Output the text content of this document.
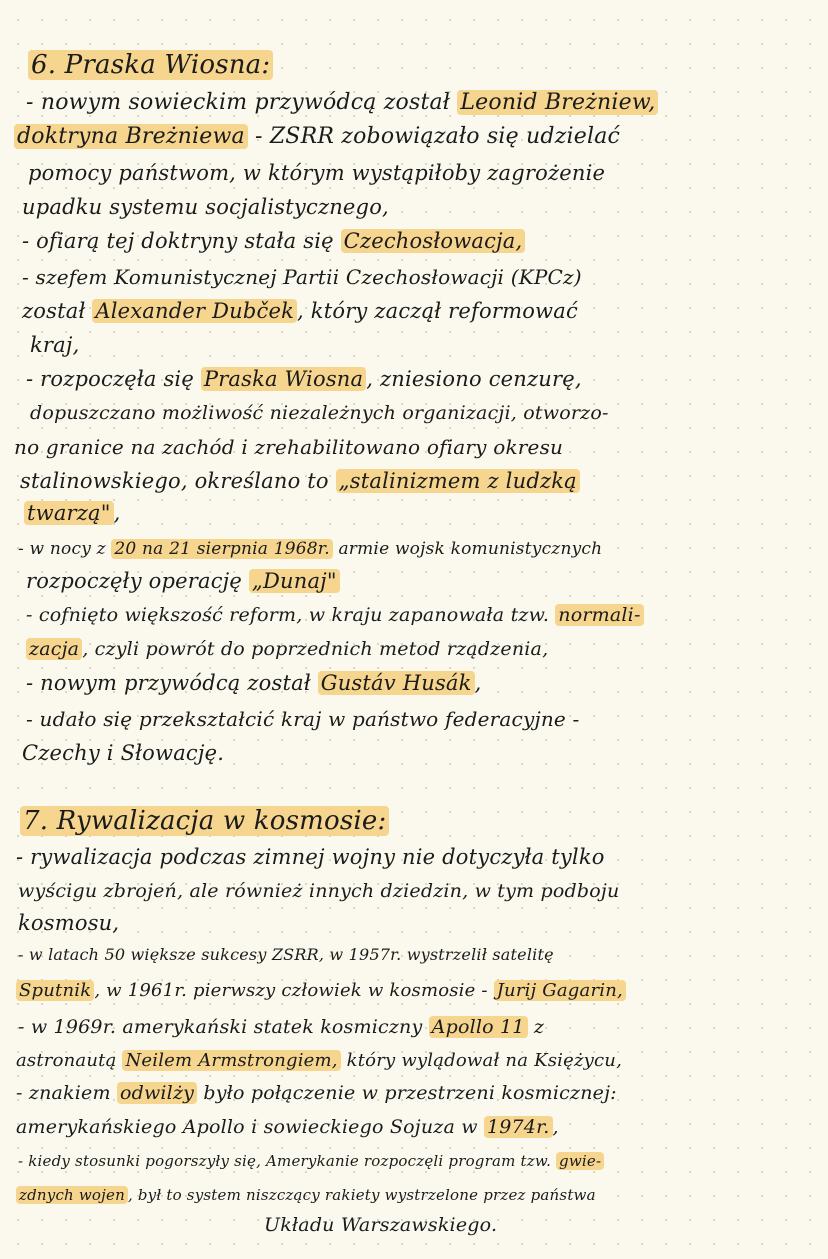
6. Praska Wiosna:
- nowym sowieckim przywódcą został Leonid Breżniew,
doktryna Breżniewa - ZSRR zobowiązało się udzielać
pomocy państwom, w którym wystąpiłoby zagrożenie
upadku systemu socjalistycznego,
- ofiarą tej doktryny stała się Czechosłowacja,
- szefem Komunistycznej Partii Czechosłowacji (KPCz)
został Alexander Dubček , który zaczął reformować
kraj,
- rozpoczęła się Praska Wiosna , zniesiono cenzurę,
dopuszczano możliwość niezależnych organizacji, otworzo-
no granice na zachód i zrehabilitowano ofiary okresu
stalinowskiego, określano to „stalinizmem z ludzką
twarzą" ,
- w nocy z 20 na 21 sierpnia 1968r. armie wojsk komunistycznych
rozpoczęły operację „Dunaj"
- cofnięto większość reform, w kraju zapanowała tzw. normali-
zacja , czyli powrót do poprzednich metod rządzenia,
- nowym przywódcą został Gustáv Husák ,
- udało się przekształcić kraj w państwo federacyjne -
Czechy i Słowację.
7. Rywalizacja w kosmosie:
- rywalizacja podczas zimnej wojny nie dotyczyła tylko
wyścigu zbrojeń, ale również innych dziedzin, w tym podboju
kosmosu,
- w latach 50 większe sukcesy ZSRR, w 1957r. wystrzelił satelitę
Sputnik , w 1961r. pierwszy człowiek w kosmosie - Jurij Gagarin,
- w 1969r. amerykański statek kosmiczny Apollo 11 z
astronautą Neilem Armstrongiem, który wylądował na Księżycu,
- znakiem odwilży było połączenie w przestrzeni kosmicznej:
amerykańskiego Apollo i sowieckiego Sojuza w 1974r. ,
- kiedy stosunki pogorszyły się, Amerykanie rozpoczęli program tzw. gwie-
zdnych wojen , był to system niszczący rakiety wystrzelone przez państwa
Układu Warszawskiego.
